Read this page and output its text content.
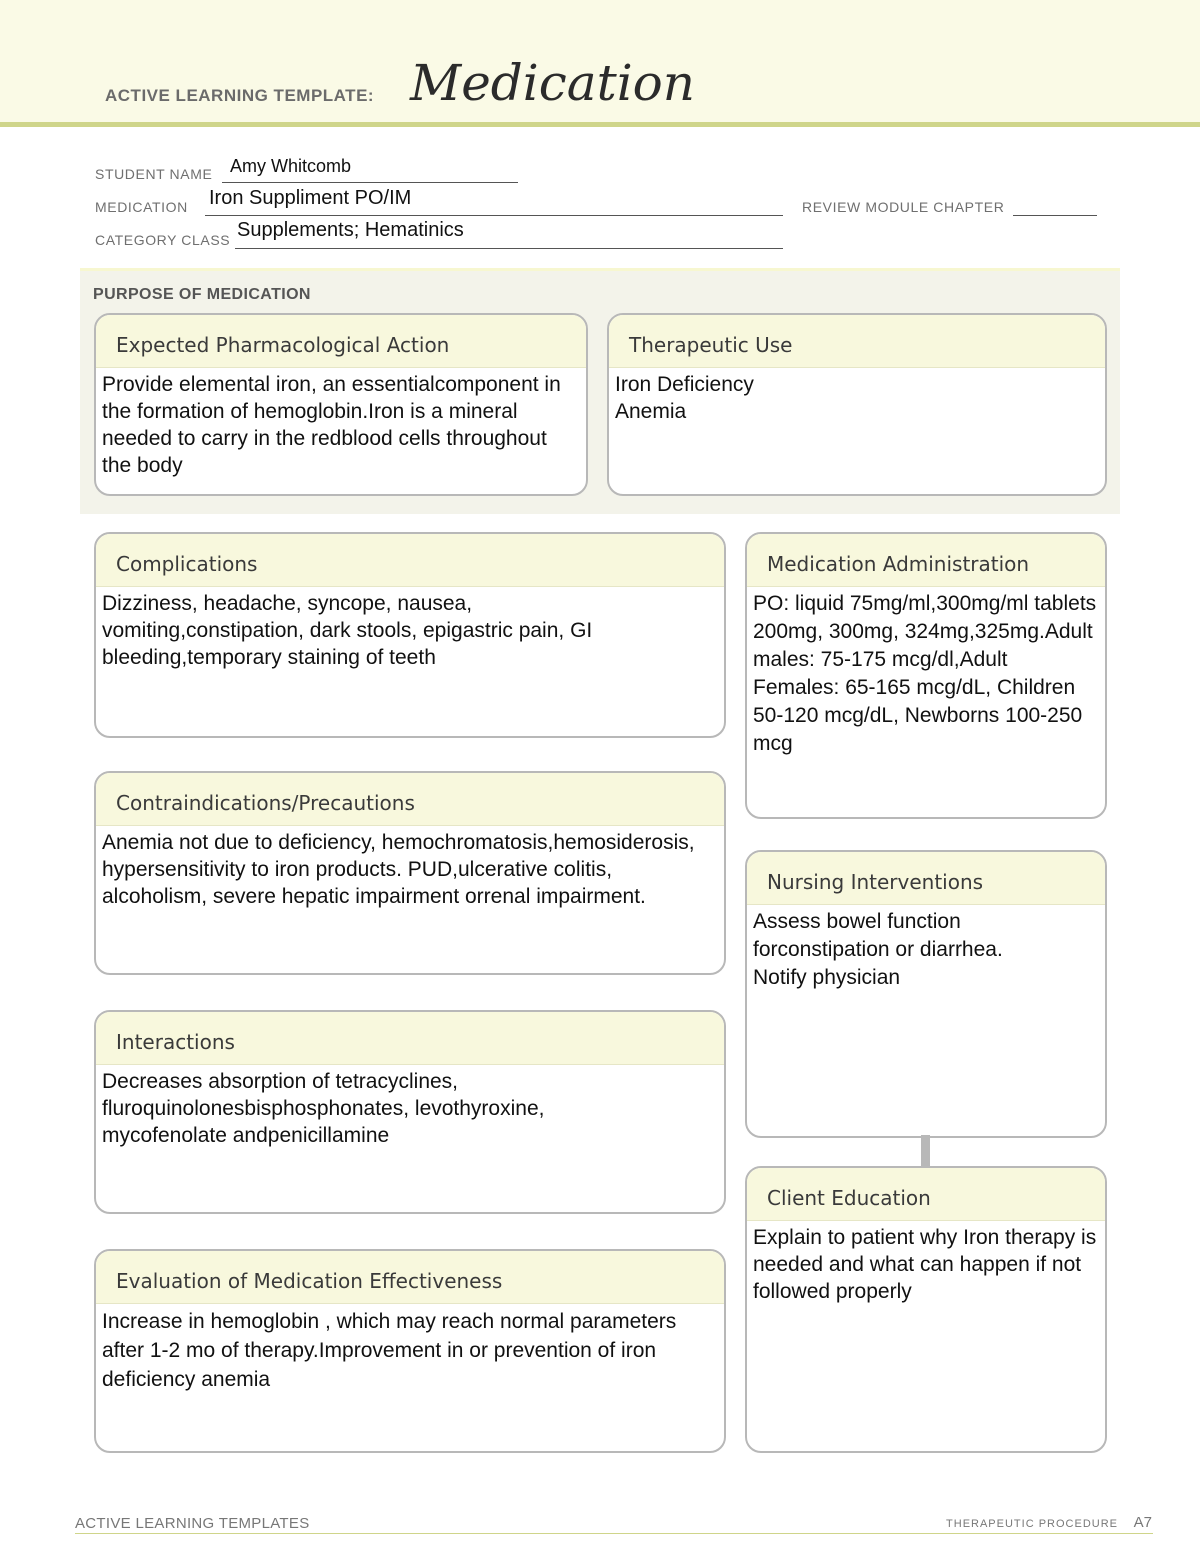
ACTIVE LEARNING TEMPLATE: Medication
STUDENT NAME Amy Whitcomb
MEDICATION Iron Suppliment PO/IM	REVIEW MODULE CHAPTER
CATEGORY CLASS Supplements; Hematinics
PURPOSE OF MEDICATION
Expected Pharmacological Action
Provide elemental iron, an essentialcomponent in the formation of hemoglobin.Iron is a mineral needed to carry in the redblood cells throughout the body
Therapeutic Use
Iron Deficiency Anemia
Complications
Dizziness, headache, syncope, nausea, vomiting,constipation, dark stools, epigastric pain, GI bleeding,temporary staining of teeth
Contraindications/Precautions
Anemia not due to deficiency, hemochromatosis,hemosiderosis, hypersensitivity to iron products. PUD,ulcerative colitis, alcoholism, severe hepatic impairment orrenal impairment.
Interactions
Decreases absorption of tetracyclines, fluroquinolonesbisphosphonates, levothyroxine, mycofenolate andpenicillamine
Evaluation of Medication Effectiveness
Increase in hemoglobin , which may reach normal parameters after 1-2 mo of therapy.Improvement in or prevention of iron deficiency anemia
Medication Administration
PO: liquid 75mg/ml,300mg/ml tablets 200mg, 300mg, 324mg,325mg.Adult males: 75-175 mcg/dl,Adult Females: 65-165 mcg/dL, Children 50-120 mcg/dL, Newborns 100-250 mcg
Nursing Interventions
Assess bowel function forconstipation or diarrhea. Notify physician
Client Education
Explain to patient why Iron therapy is needed and what can happen if not followed properly
ACTIVE LEARNING TEMPLATES	THERAPEUTIC PROCEDURE A7
